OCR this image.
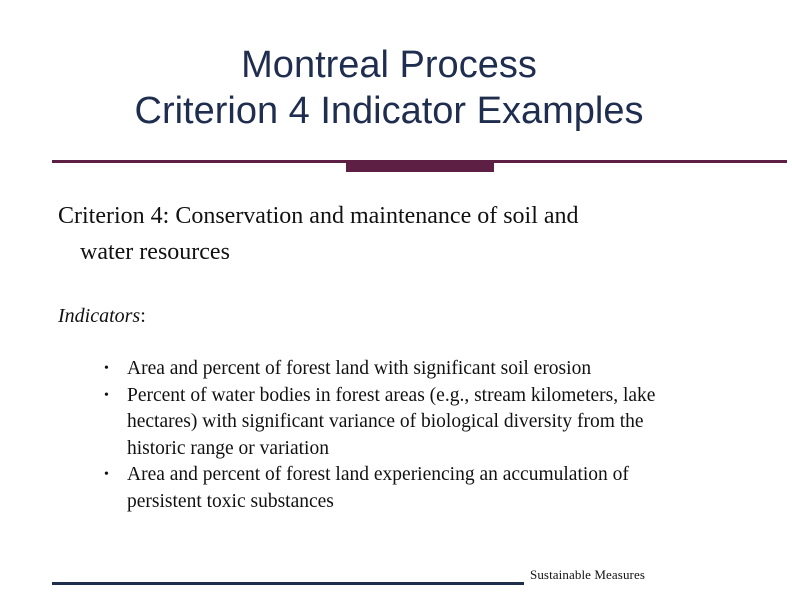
Montreal Process
Criterion 4 Indicator Examples
Criterion 4: Conservation and maintenance of soil and
water resources
Indicators:
• Area and percent of forest land with significant soil erosion
• Percent of water bodies in forest areas (e.g., stream kilometers, lake
hectares) with significant variance of biological diversity from the
historic range or variation
• Area and percent of forest land experiencing an accumulation of
persistent toxic substances
Sustainable Measures
